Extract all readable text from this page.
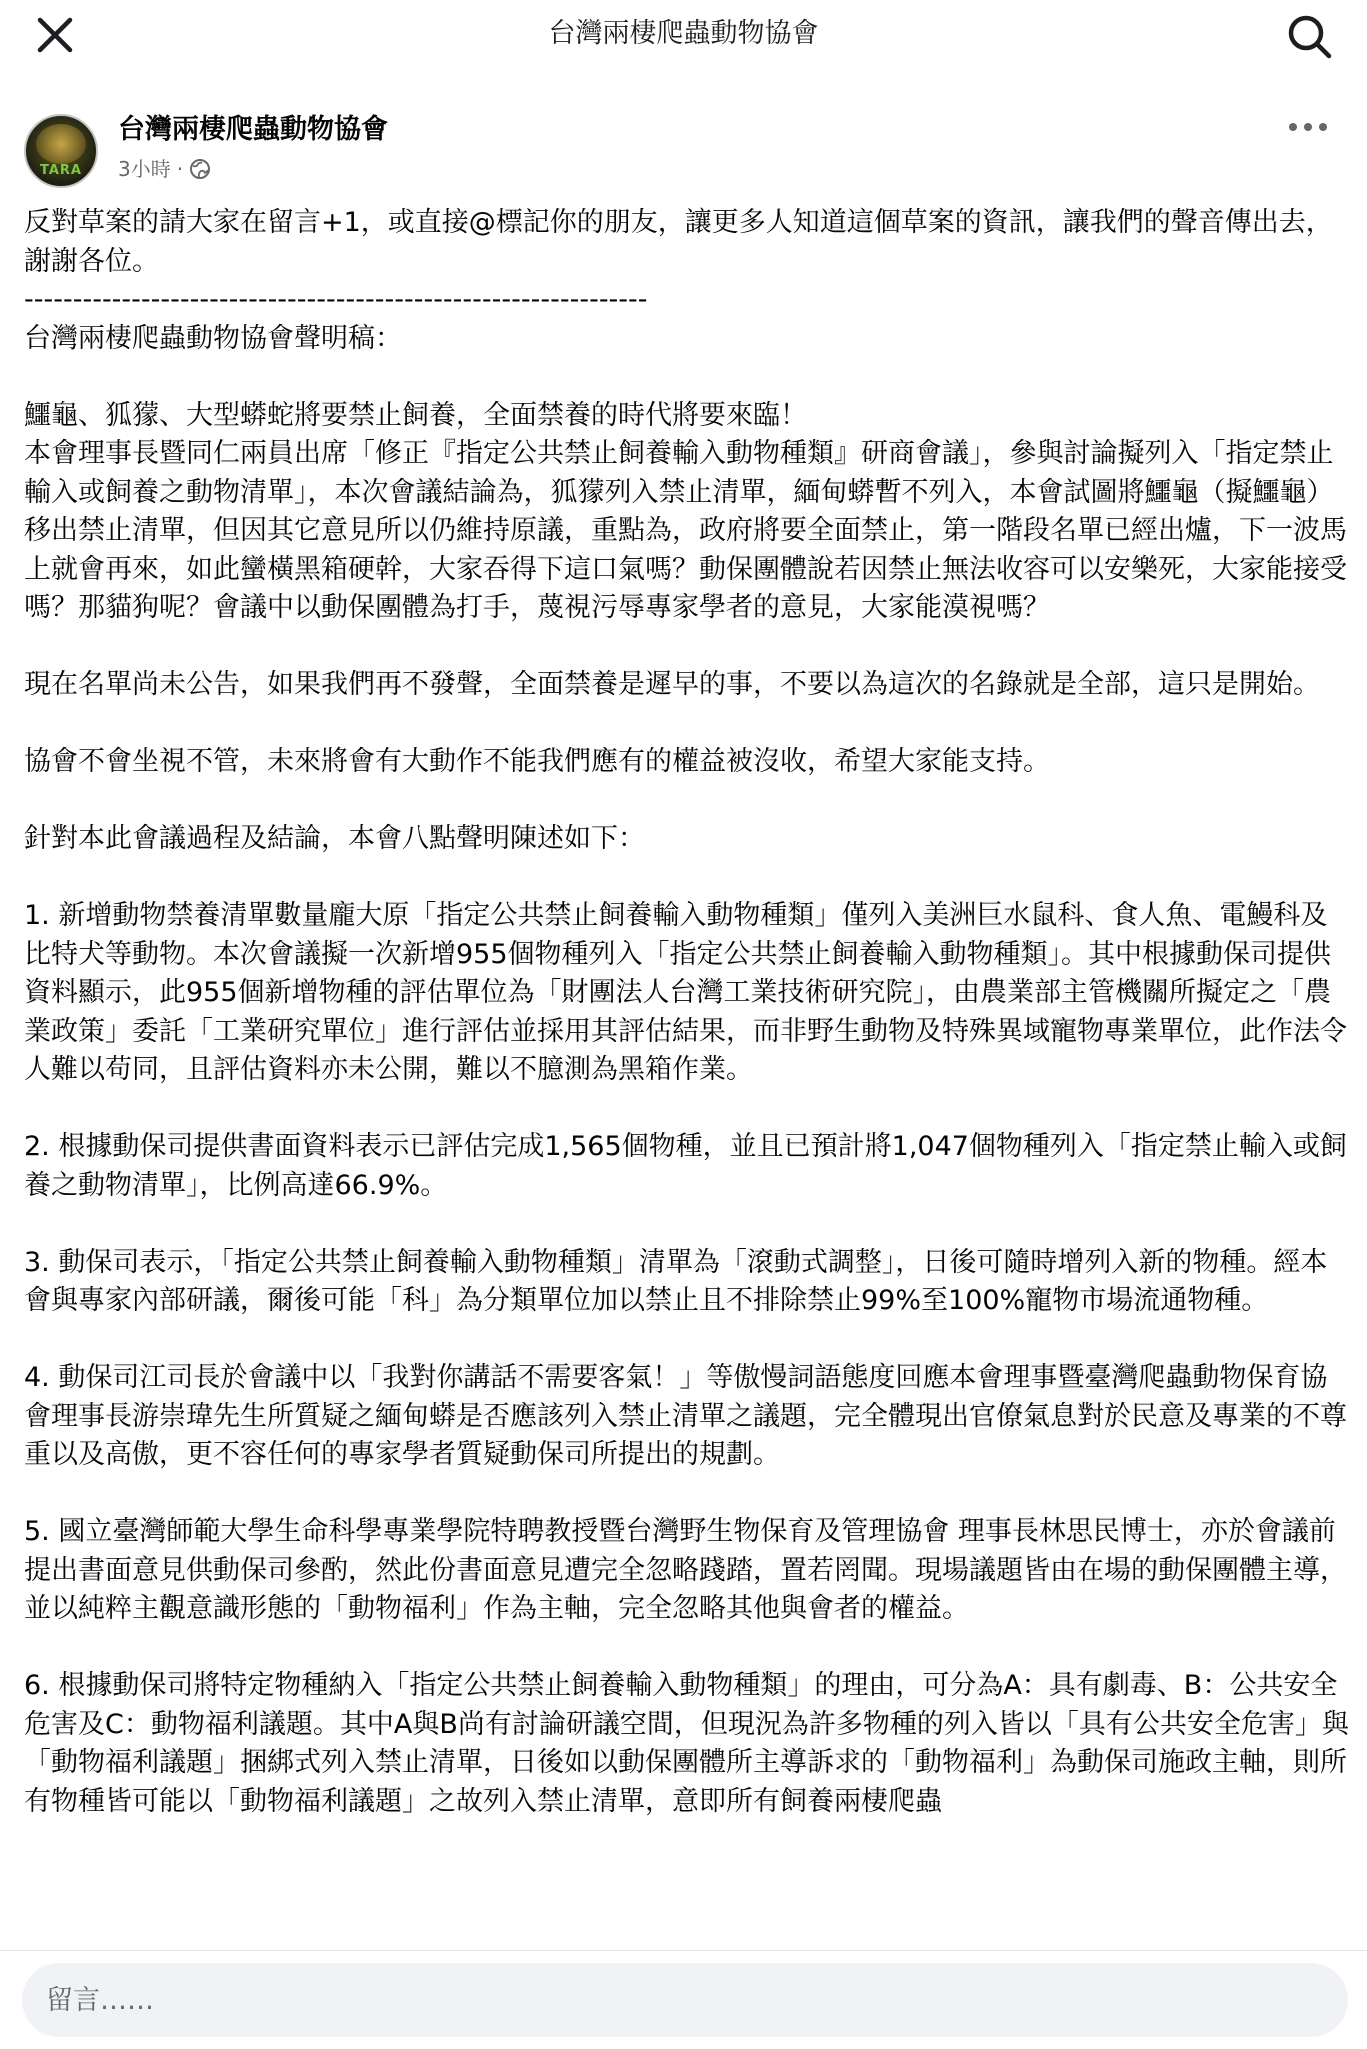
台灣兩棲爬蟲動物協會
TARA
台灣兩棲爬蟲動物協會
3小時 ·
反對草案的請大家在留言+1，或直接@標記你的朋友，讓更多人知道這個草案的資訊，讓我們的聲音傳出去，謝謝各位。
----------------------------------------------------------------
台灣兩棲爬蟲動物協會聲明稿：

鱷龜、狐獴、大型蟒蛇將要禁止飼養，全面禁養的時代將要來臨！
本會理事長暨同仁兩員出席「修正『指定公共禁止飼養輸入動物種類』研商會議」，參與討論擬列入「指定禁止輸入或飼養之動物清單」，本次會議結論為，狐獴列入禁止清單，緬甸蟒暫不列入，本會試圖將鱷龜（擬鱷龜）移出禁止清單，但因其它意見所以仍維持原議，重點為，政府將要全面禁止，第一階段名單已經出爐，下一波馬上就會再來，如此蠻橫黑箱硬幹，大家吞得下這口氣嗎？動保團體說若因禁止無法收容可以安樂死，大家能接受嗎？那貓狗呢？會議中以動保團體為打手，蔑視污辱專家學者的意見，大家能漠視嗎？

現在名單尚未公告，如果我們再不發聲，全面禁養是遲早的事，不要以為這次的名錄就是全部，這只是開始。

協會不會坐視不管，未來將會有大動作不能我們應有的權益被沒收，希望大家能支持。

針對本此會議過程及結論，本會八點聲明陳述如下：

1. 新增動物禁養清單數量龐大原「指定公共禁止飼養輸入動物種類」僅列入美洲巨水鼠科、食人魚、電鰻科及比特犬等動物。本次會議擬一次新增955個物種列入「指定公共禁止飼養輸入動物種類」。其中根據動保司提供資料顯示，此955個新增物種的評估單位為「財團法人台灣工業技術研究院」，由農業部主管機關所擬定之「農業政策」委託「工業研究單位」進行評估並採用其評估結果，而非野生動物及特殊異域寵物專業單位，此作法令人難以苟同，且評估資料亦未公開，難以不臆測為黑箱作業。

2. 根據動保司提供書面資料表示已評估完成1,565個物種，並且已預計將1,047個物種列入「指定禁止輸入或飼養之動物清單」，比例高達66.9%。

3. 動保司表示，「指定公共禁止飼養輸入動物種類」清單為「滾動式調整」，日後可隨時增列入新的物種。經本會與專家內部研議，爾後可能「科」為分類單位加以禁止且不排除禁止99%至100%寵物市場流通物種。

4. 動保司江司長於會議中以「我對你講話不需要客氣！」等傲慢詞語態度回應本會理事暨臺灣爬蟲動物保育協會理事長游崇瑋先生所質疑之緬甸蟒是否應該列入禁止清單之議題，完全體現出官僚氣息對於民意及專業的不尊重以及高傲，更不容任何的專家學者質疑動保司所提出的規劃。

5. 國立臺灣師範大學生命科學專業學院特聘教授暨台灣野生物保育及管理協會 理事長林思民博士，亦於會議前提出書面意見供動保司參酌，然此份書面意見遭完全忽略踐踏，置若罔聞。現場議題皆由在場的動保團體主導，並以純粹主觀意識形態的「動物福利」作為主軸，完全忽略其他與會者的權益。

6. 根據動保司將特定物種納入「指定公共禁止飼養輸入動物種類」的理由，可分為A：具有劇毒、B：公共安全危害及C：動物福利議題。其中A與B尚有討論研議空間，但現況為許多物種的列入皆以「具有公共安全危害」與「動物福利議題」捆綁式列入禁止清單，日後如以動保團體所主導訴求的「動物福利」為動保司施政主軸，則所有物種皆可能以「動物福利議題」之故列入禁止清單，意即所有飼養兩棲爬蟲
留言……
